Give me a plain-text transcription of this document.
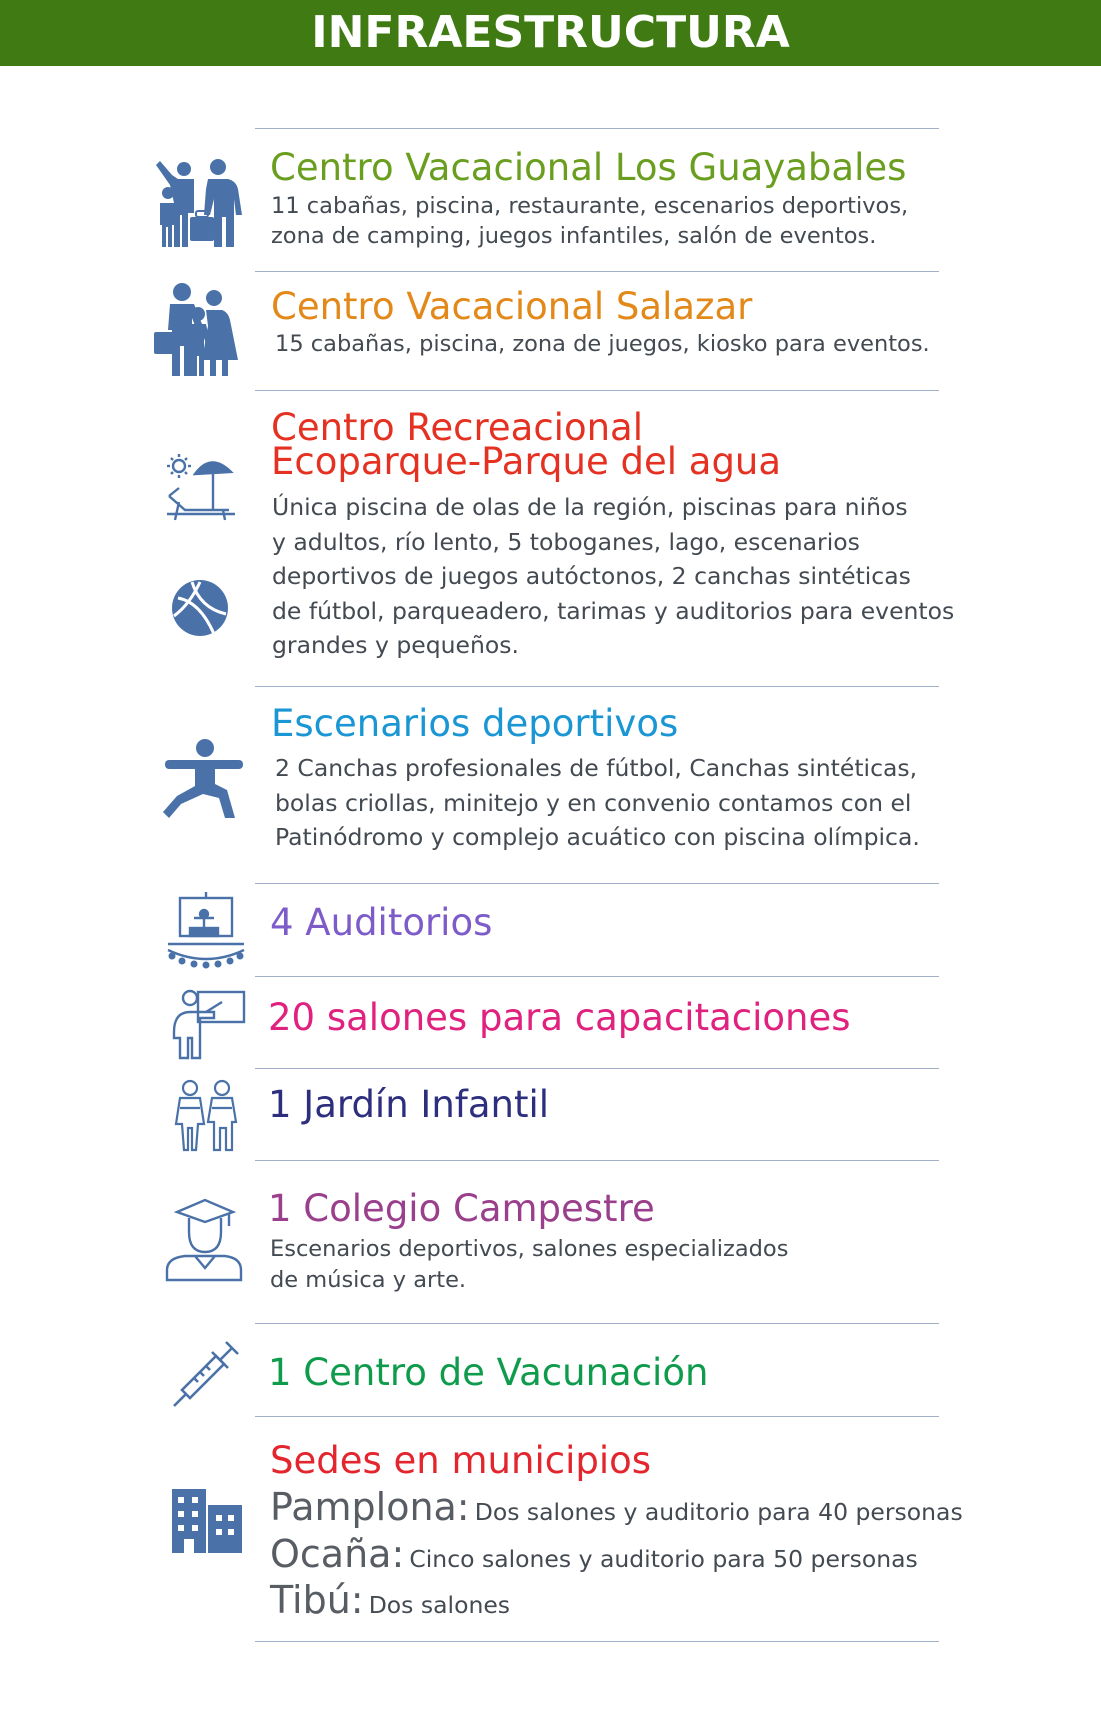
INFRAESTRUCTURA
Centro Vacacional Los Guayabales
11 cabañas, piscina, restaurante, escenarios deportivos,
zona de camping, juegos infantiles, salón de eventos.
Centro Vacacional Salazar
15 cabañas, piscina, zona de juegos, kiosko para eventos.
Centro Recreacional
Ecoparque-Parque del agua
Única piscina de olas de la región, piscinas para niños
y adultos, río lento, 5 toboganes, lago, escenarios
deportivos de juegos autóctonos, 2 canchas sintéticas
de fútbol, parqueadero, tarimas y auditorios para eventos
grandes y pequeños.
Escenarios deportivos
2 Canchas profesionales de fútbol, Canchas sintéticas,
bolas criollas, minitejo y en convenio contamos con el
Patinódromo y complejo acuático con piscina olímpica.
4 Auditorios
20 salones para capacitaciones
1 Jardín Infantil
1 Colegio Campestre
Escenarios deportivos, salones especializados
de música y arte.
1 Centro de Vacunación
Sedes en municipios
Pamplona: Dos salones y auditorio para 40 personas
Ocaña: Cinco salones y auditorio para 50 personas
Tibú: Dos salones
